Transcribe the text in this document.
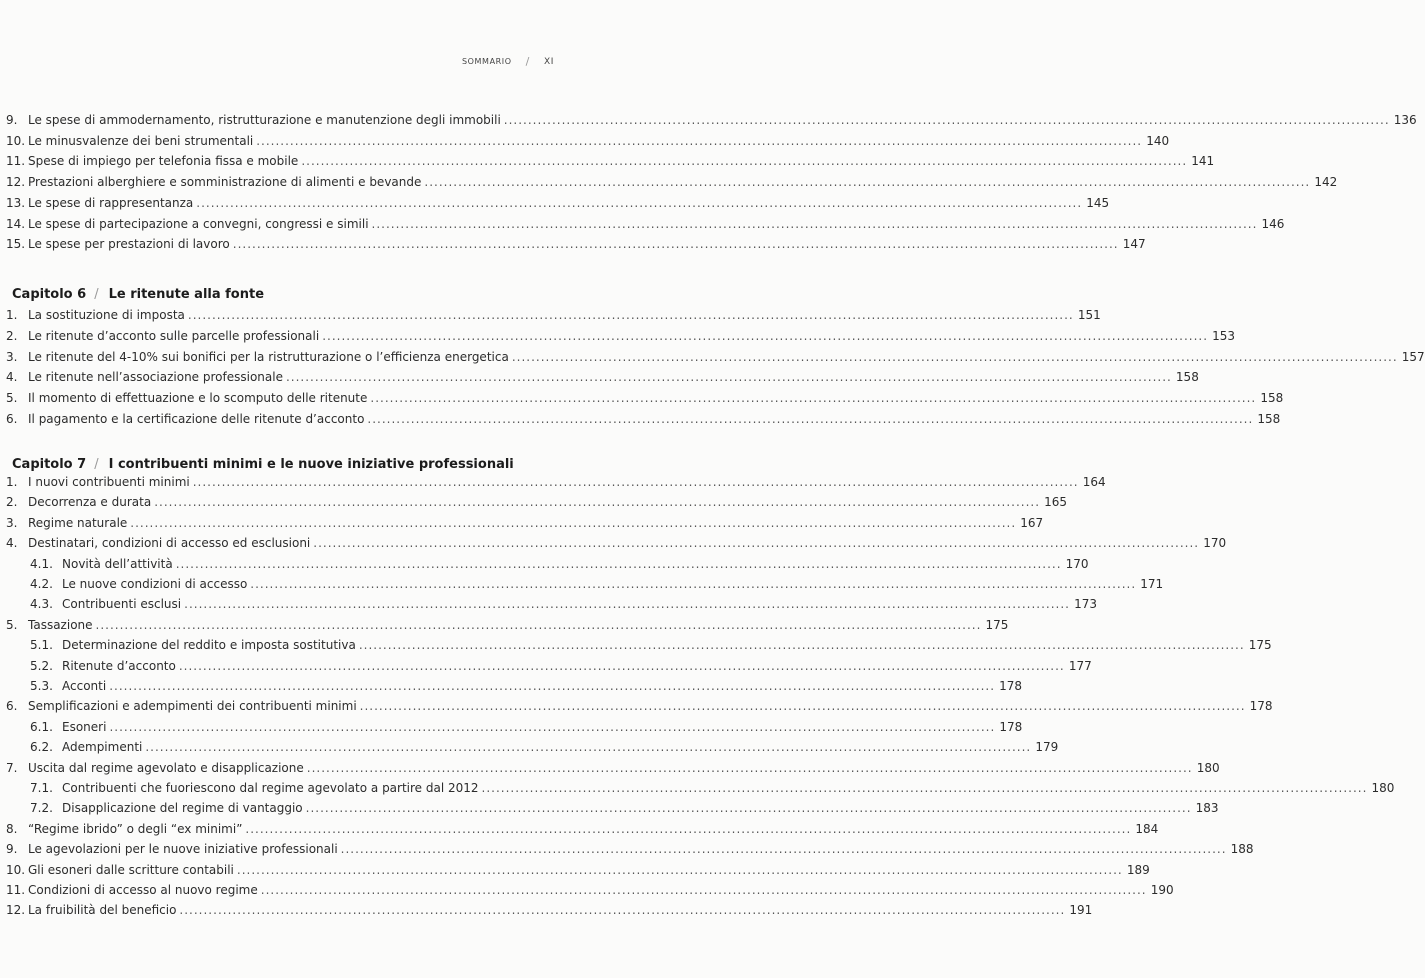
SOMMARIO / XI
9. Le spese di ammodernamento, ristrutturazione e manutenzione degli immobili .....	136
10. Le minusvalenze dei beni strumentali .....	140
11. Spese di impiego per telefonia fissa e mobile .....	141
12. Prestazioni alberghiere e somministrazione di alimenti e bevande .....	142
13. Le spese di rappresentanza .....	145
14. Le spese di partecipazione a convegni, congressi e simili .....	146
15. Le spese per prestazioni di lavoro .....	147
Capitolo 6 / Le ritenute alla fonte
1. La sostituzione di imposta .....	151
2. Le ritenute d’acconto sulle parcelle professionali .....	153
3. Le ritenute del 4-10% sui bonifici per la ristrutturazione o l’efficienza energetica .....	157
4. Le ritenute nell’associazione professionale .....	158
5. Il momento di effettuazione e lo scomputo delle ritenute .....	158
6. Il pagamento e la certificazione delle ritenute d’acconto .....	158
Capitolo 7 / I contribuenti minimi e le nuove iniziative professionali
1. I nuovi contribuenti minimi .....	164
2. Decorrenza e durata .....	165
3. Regime naturale .....	167
4. Destinatari, condizioni di accesso ed esclusioni .....	170
4.1. Novità dell’attività .....	170
4.2. Le nuove condizioni di accesso .....	171
4.3. Contribuenti esclusi .....	173
5. Tassazione .....	175
5.1. Determinazione del reddito e imposta sostitutiva .....	175
5.2. Ritenute d’acconto .....	177
5.3. Acconti .....	178
6. Semplificazioni e adempimenti dei contribuenti minimi .....	178
6.1. Esoneri .....	178
6.2. Adempimenti .....	179
7. Uscita dal regime agevolato e disapplicazione .....	180
7.1. Contribuenti che fuoriescono dal regime agevolato a partire dal 2012 .....	180
7.2. Disapplicazione del regime di vantaggio .....	183
8. “Regime ibrido” o degli “ex minimi” .....	184
9. Le agevolazioni per le nuove iniziative professionali .....	188
10. Gli esoneri dalle scritture contabili .....	189
11. Condizioni di accesso al nuovo regime .....	190
12. La fruibilità del beneficio .....	191
